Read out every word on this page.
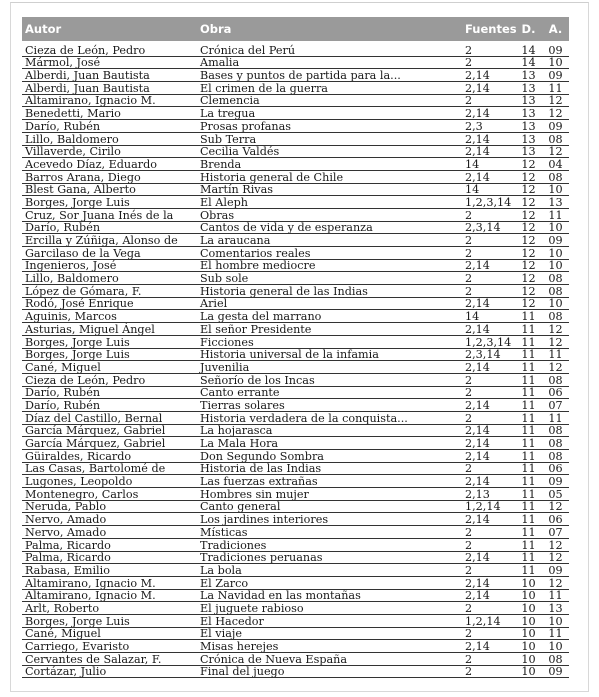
Autor	Obra	Fuentes	D.	A.
Cieza de León, Pedro	Crónica del Perú	2	14	09
Mármol, José	Amalia	2	14	10
Alberdi, Juan Bautista	Bases y puntos de partida para la...	2,14	13	09
Alberdi, Juan Bautista	El crimen de la guerra	2,14	13	11
Altamirano, Ignacio M.	Clemencia	2	13	12
Benedetti, Mario	La tregua	2,14	13	12
Darío, Rubén	Prosas profanas	2,3	13	09
Lillo, Baldomero	Sub Terra	2,14	13	08
Villaverde, Cirilo	Cecilia Valdés	2,14	13	12
Acevedo Díaz, Eduardo	Brenda	14	12	04
Barros Arana, Diego	Historia general de Chile	2,14	12	08
Blest Gana, Alberto	Martín Rivas	14	12	10
Borges, Jorge Luis	El Aleph	1,2,3,14	12	13
Cruz, Sor Juana Inés de la	Obras	2	12	11
Darío, Rubén	Cantos de vida y de esperanza	2,3,14	12	10
Ercilla y Zúñiga, Alonso de	La araucana	2	12	09
Garcilaso de la Vega	Comentarios reales	2	12	10
Ingenieros, José	El hombre mediocre	2,14	12	10
Lillo, Baldomero	Sub sole	2	12	08
López de Gómara, F.	Historia general de las Indias	2	12	08
Rodó, José Enrique	Ariel	2,14	12	10
Aguinis, Marcos	La gesta del marrano	14	11	08
Asturias, Miguel Ángel	El señor Presidente	2,14	11	12
Borges, Jorge Luis	Ficciones	1,2,3,14	11	12
Borges, Jorge Luis	Historia universal de la infamia	2,3,14	11	11
Cané, Miguel	Juvenilia	2,14	11	12
Cieza de León, Pedro	Señorío de los Incas	2	11	08
Darío, Rubén	Canto errante	2	11	06
Darío, Rubén	Tierras solares	2,14	11	07
Díaz del Castillo, Bernal	Historia verdadera de la conquista...	2	11	11
García Márquez, Gabriel	La hojarasca	2,14	11	08
García Márquez, Gabriel	La Mala Hora	2,14	11	08
Güiraldes, Ricardo	Don Segundo Sombra	2,14	11	08
Las Casas, Bartolomé de	Historia de las Indias	2	11	06
Lugones, Leopoldo	Las fuerzas extrañas	2,14	11	09
Montenegro, Carlos	Hombres sin mujer	2,13	11	05
Neruda, Pablo	Canto general	1,2,14	11	12
Nervo, Amado	Los jardines interiores	2,14	11	06
Nervo, Amado	Místicas	2	11	07
Palma, Ricardo	Tradiciones	2	11	12
Palma, Ricardo	Tradiciones peruanas	2,14	11	12
Rabasa, Emilio	La bola	2	11	09
Altamirano, Ignacio M.	El Zarco	2,14	10	12
Altamirano, Ignacio M.	La Navidad en las montañas	2,14	10	11
Arlt, Roberto	El juguete rabioso	2	10	13
Borges, Jorge Luis	El Hacedor	1,2,14	10	10
Cané, Miguel	El viaje	2	10	11
Carriego, Evaristo	Misas herejes	2,14	10	10
Cervantes de Salazar, F.	Crónica de Nueva España	2	10	08
Cortázar, Julio	Final del juego	2	10	09
